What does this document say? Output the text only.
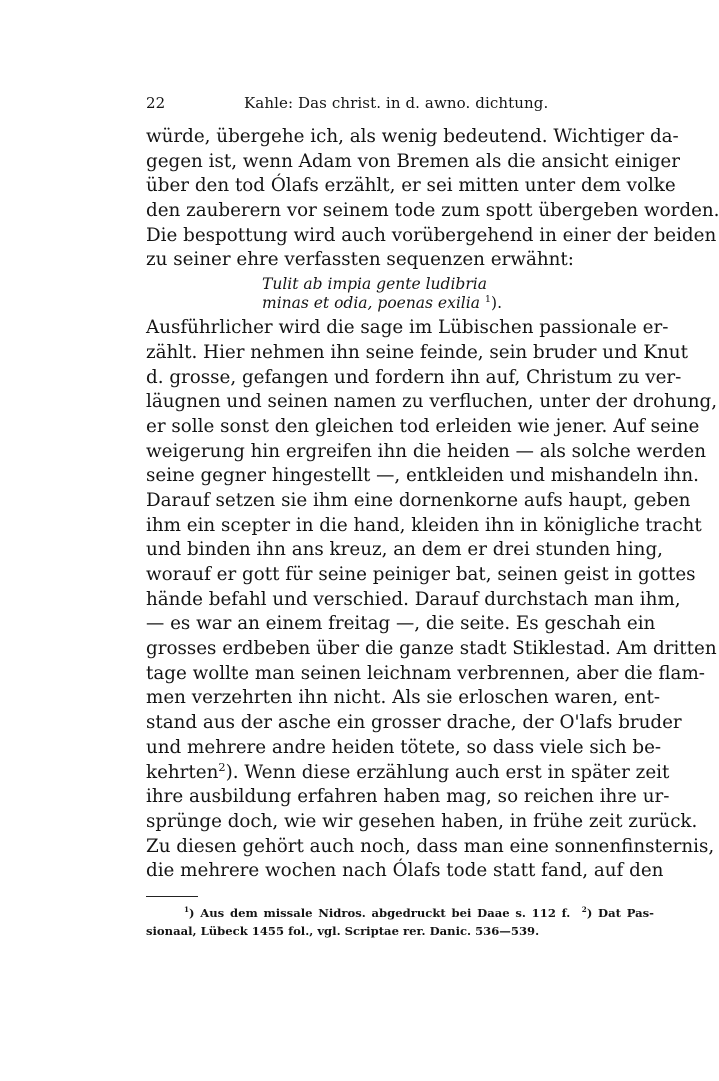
22	Kahle: Das christ. in d. awno. dichtung.
würde, übergehe ich, als wenig bedeutend. Wichtiger da-
gegen ist, wenn Adam von Bremen als die ansicht einiger
über den tod Ólafs erzählt, er sei mitten unter dem volke
den zauberern vor seinem tode zum spott übergeben worden.
Die bespottung wird auch vorübergehend in einer der beiden
zu seiner ehre verfassten sequenzen erwähnt:
Tulit ab impia gente ludibria
minas et odia, poenas exilia $^1$).
Ausführlicher wird die sage im Lübischen passionale er-
zählt. Hier nehmen ihn seine feinde, sein bruder und Knut
d. grosse, gefangen und fordern ihn auf, Christum zu ver-
läugnen und seinen namen zu verfluchen, unter der drohung,
er solle sonst den gleichen tod erleiden wie jener. Auf seine
weigerung hin ergreifen ihn die heiden — als solche werden
seine gegner hingestellt —, entkleiden und mishandeln ihn.
Darauf setzen sie ihm eine dornenkorne aufs haupt, geben
ihm ein scepter in die hand, kleiden ihn in königliche tracht
und binden ihn ans kreuz, an dem er drei stunden hing,
worauf er gott für seine peiniger bat, seinen geist in gottes
hände befahl und verschied. Darauf durchstach man ihm,
— es war an einem freitag —, die seite. Es geschah ein
grosses erdbeben über die ganze stadt Stiklestad. Am dritten
tage wollte man seinen leichnam verbrennen, aber die flam-
men verzehrten ihn nicht. Als sie erloschen waren, ent-
stand aus der asche ein grosser drache, der O'lafs bruder
und mehrere andre heiden tötete, so dass viele sich be-
kehrten$^2$). Wenn diese erzählung auch erst in später zeit
ihre ausbildung erfahren haben mag, so reichen ihre ur-
sprünge doch, wie wir gesehen haben, in frühe zeit zurück.
Zu diesen gehört auch noch, dass man eine sonnenfinsternis,
die mehrere wochen nach Ólafs tode statt fand, auf den
$^1$) Aus dem missale Nidros. abgedruckt bei Daae s. 112 f. $^2$) Dat Pas-
sionaal, Lübeck 1455 fol., vgl. Scriptae rer. Danic. 536—539.
